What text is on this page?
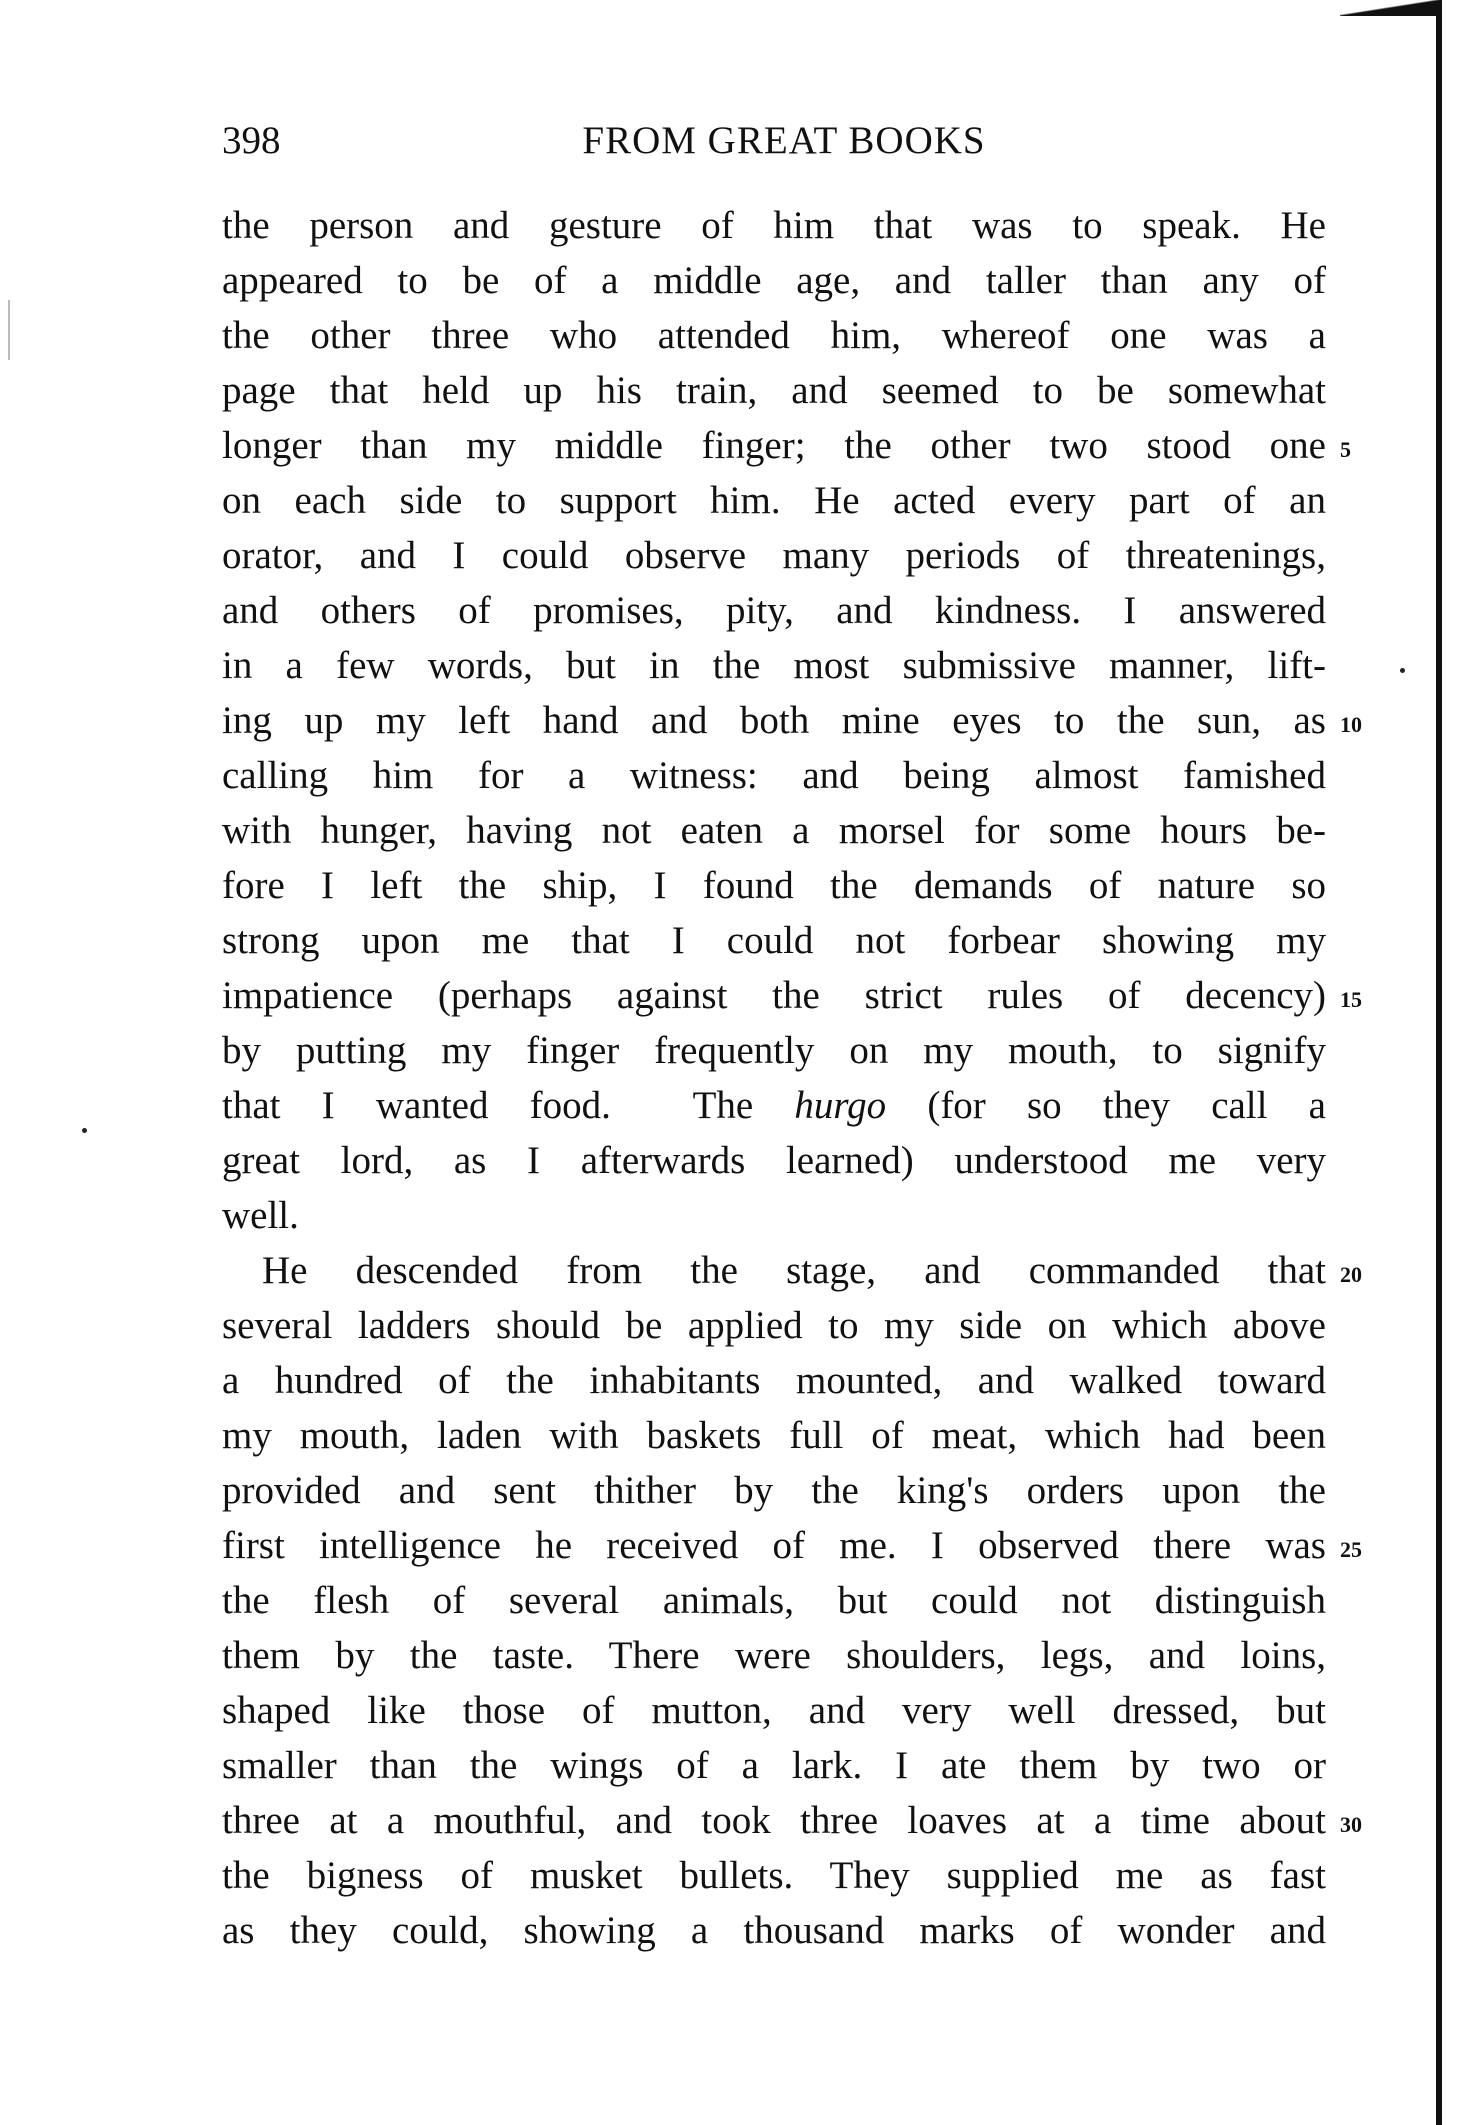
398	FROM GREAT BOOKS
the person and gesture of him that was to speak. He
appeared to be of a middle age, and taller than any of
the other three who attended him, whereof one was a
page that held up his train, and seemed to be somewhat
longer than my middle finger; the other two stood one 5
on each side to support him. He acted every part of an
orator, and I could observe many periods of threatenings,
and others of promises, pity, and kindness. I answered
in a few words, but in the most submissive manner, lift-
ing up my left hand and both mine eyes to the sun, as 10
calling him for a witness: and being almost famished
with hunger, having not eaten a morsel for some hours be-
fore I left the ship, I found the demands of nature so
strong upon me that I could not forbear showing my
impatience (perhaps against the strict rules of decency) 15
by putting my finger frequently on my mouth, to signify
that I wanted food.  The hurgo (for so they call a
great lord, as I afterwards learned) understood me very
well.
He descended from the stage, and commanded that 20
several ladders should be applied to my side on which above
a hundred of the inhabitants mounted, and walked toward
my mouth, laden with baskets full of meat, which had been
provided and sent thither by the king's orders upon the
first intelligence he received of me. I observed there was 25
the flesh of several animals, but could not distinguish
them by the taste. There were shoulders, legs, and loins,
shaped like those of mutton, and very well dressed, but
smaller than the wings of a lark. I ate them by two or
three at a mouthful, and took three loaves at a time about 30
the bigness of musket bullets. They supplied me as fast
as they could, showing a thousand marks of wonder and
